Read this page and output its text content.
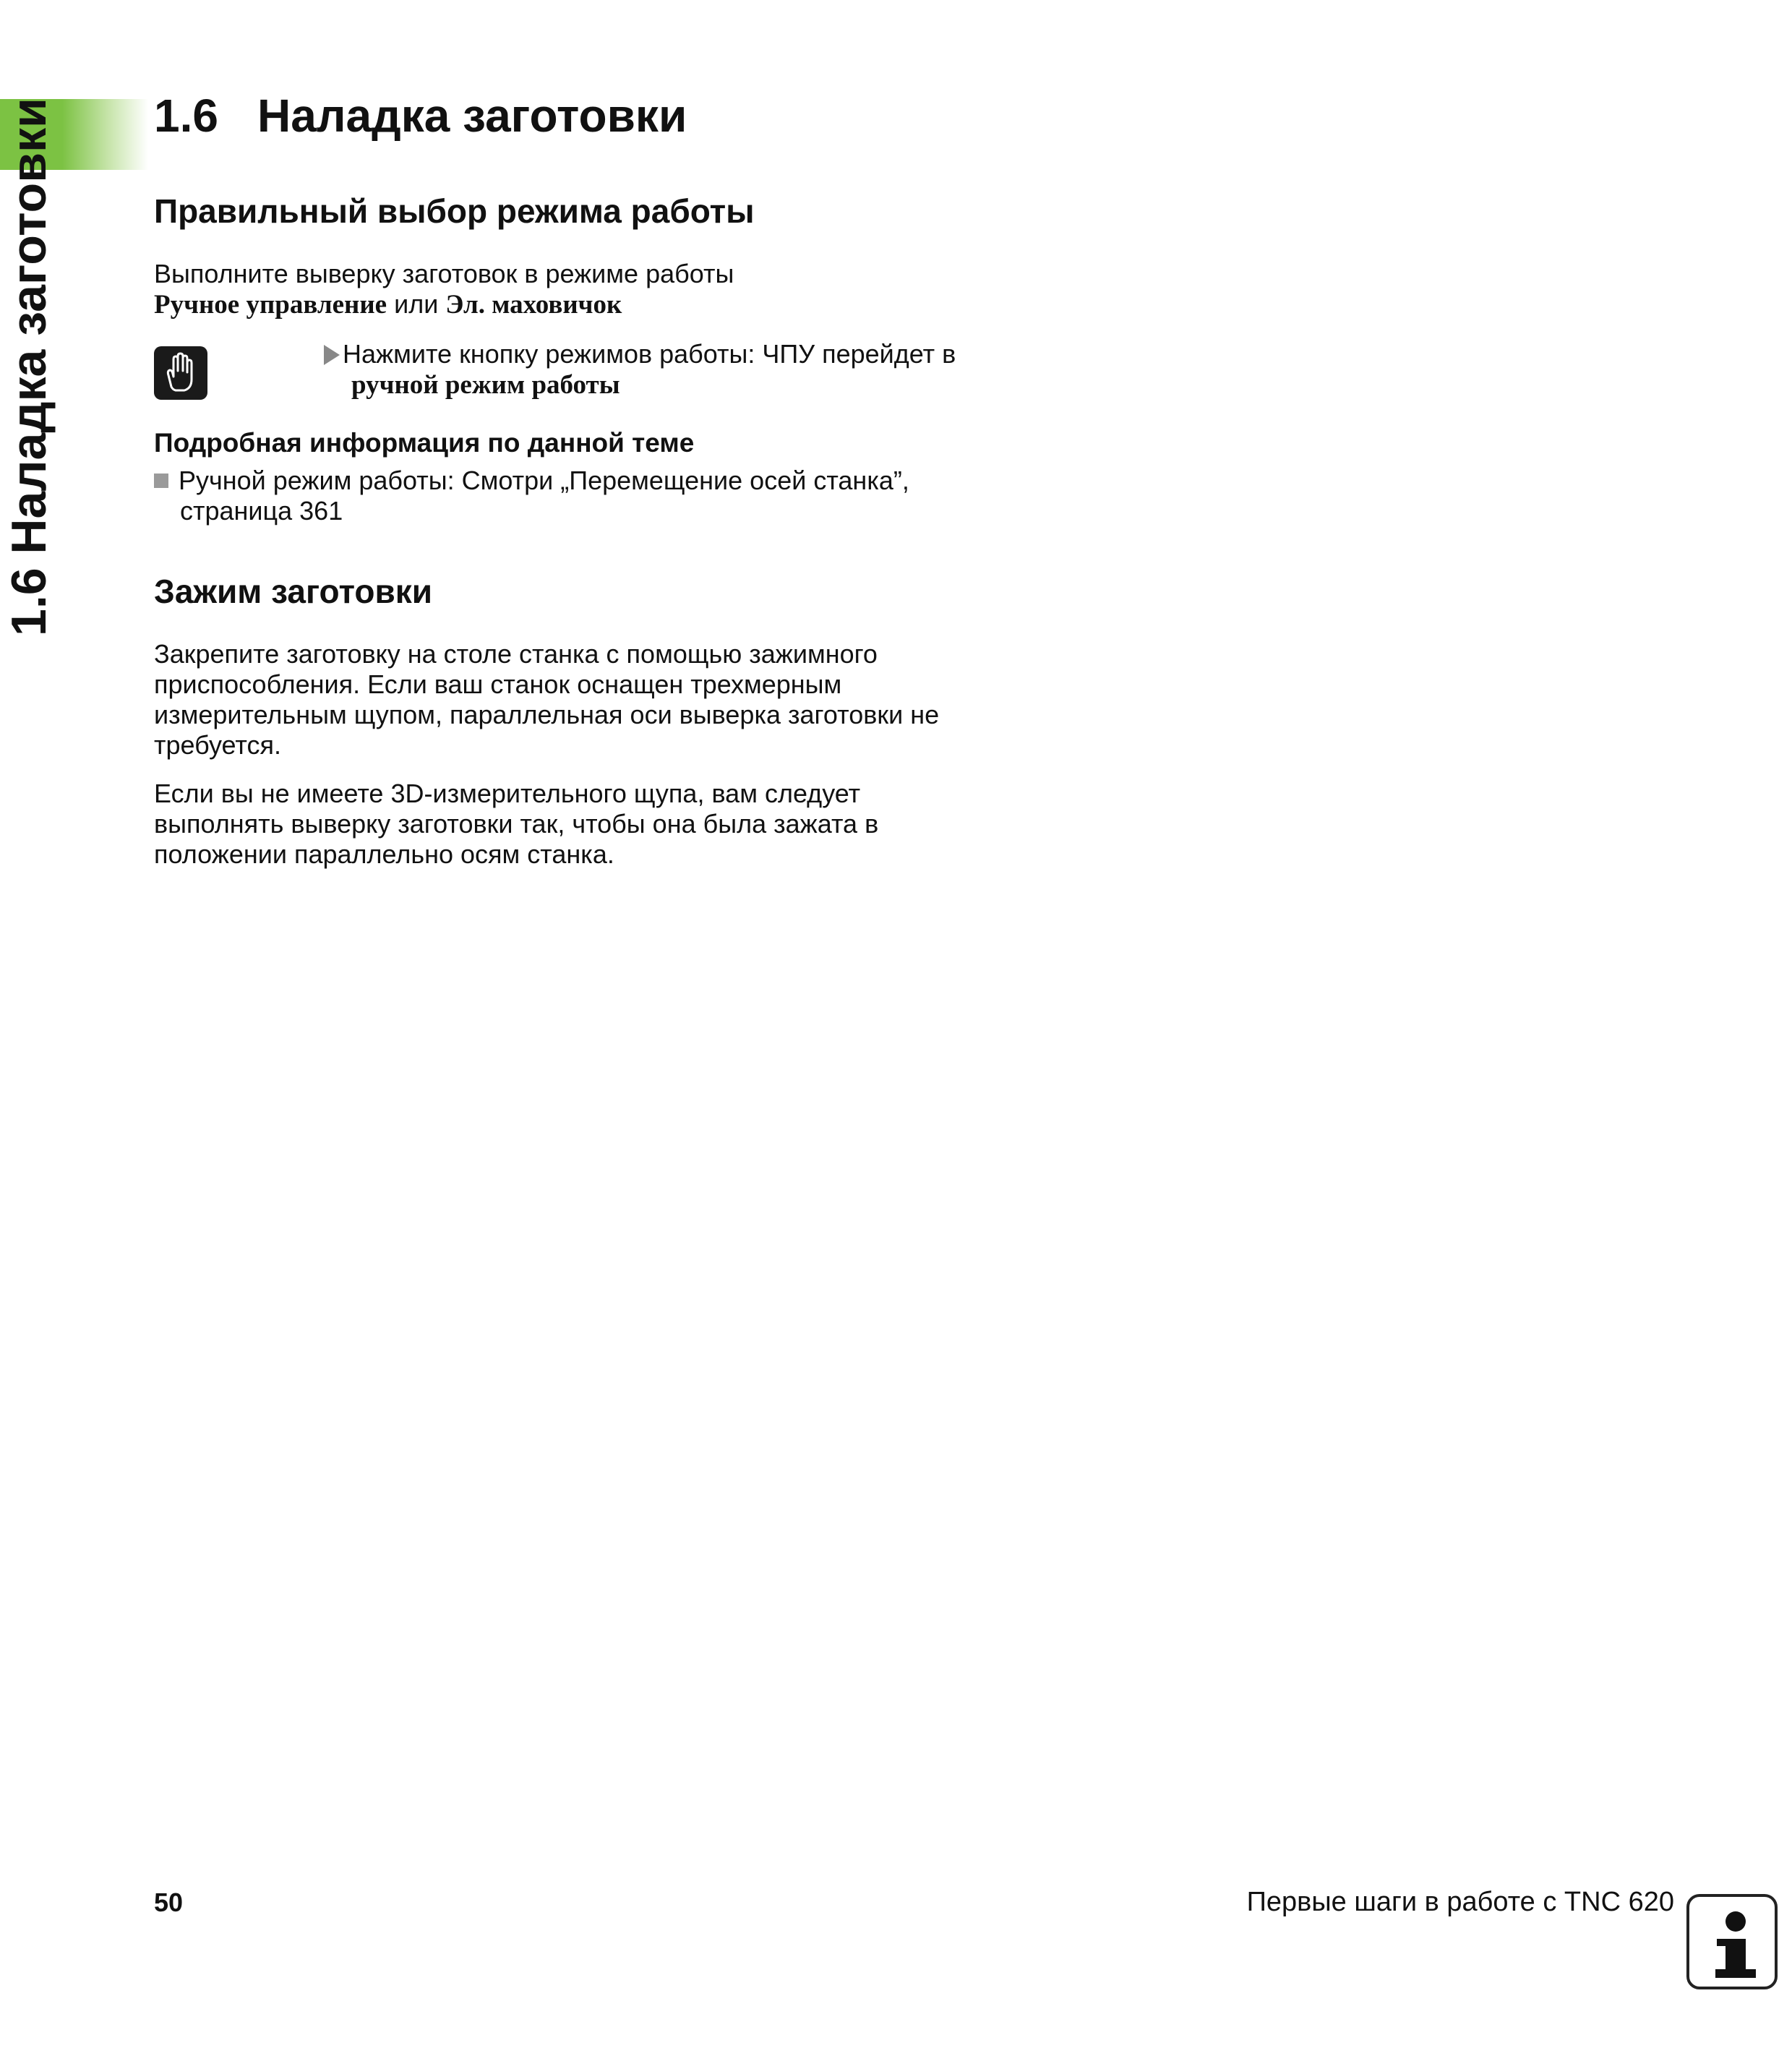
1.6 Наладка заготовки 1.6 Наладка заготовки
Правильный выбор режима работы
Выполните выверку заготовок в режиме работы
Ручное управление или Эл. маховичок
Подробная информация по данной теме
Зажим заготовки
Закрепите заготовку на столе станка с помощью зажимного
приспособления. Если ваш станок оснащен трехмерным
измерительным щупом, параллельная оси выверка заготовки не
требуется.
Если вы не имеете 3D-измерительного щупа, вам следует
выполнять выверку заготовки так, чтобы она была зажата в
положении параллельно осям станка.
Нажмите кнопку режимов работы: ЧПУ перейдет в
ручной режим работы
Ручной режим работы: Смотри „Перемещение осей станка”,
страница 361
50	Первые шаги в работе с TNC 620
